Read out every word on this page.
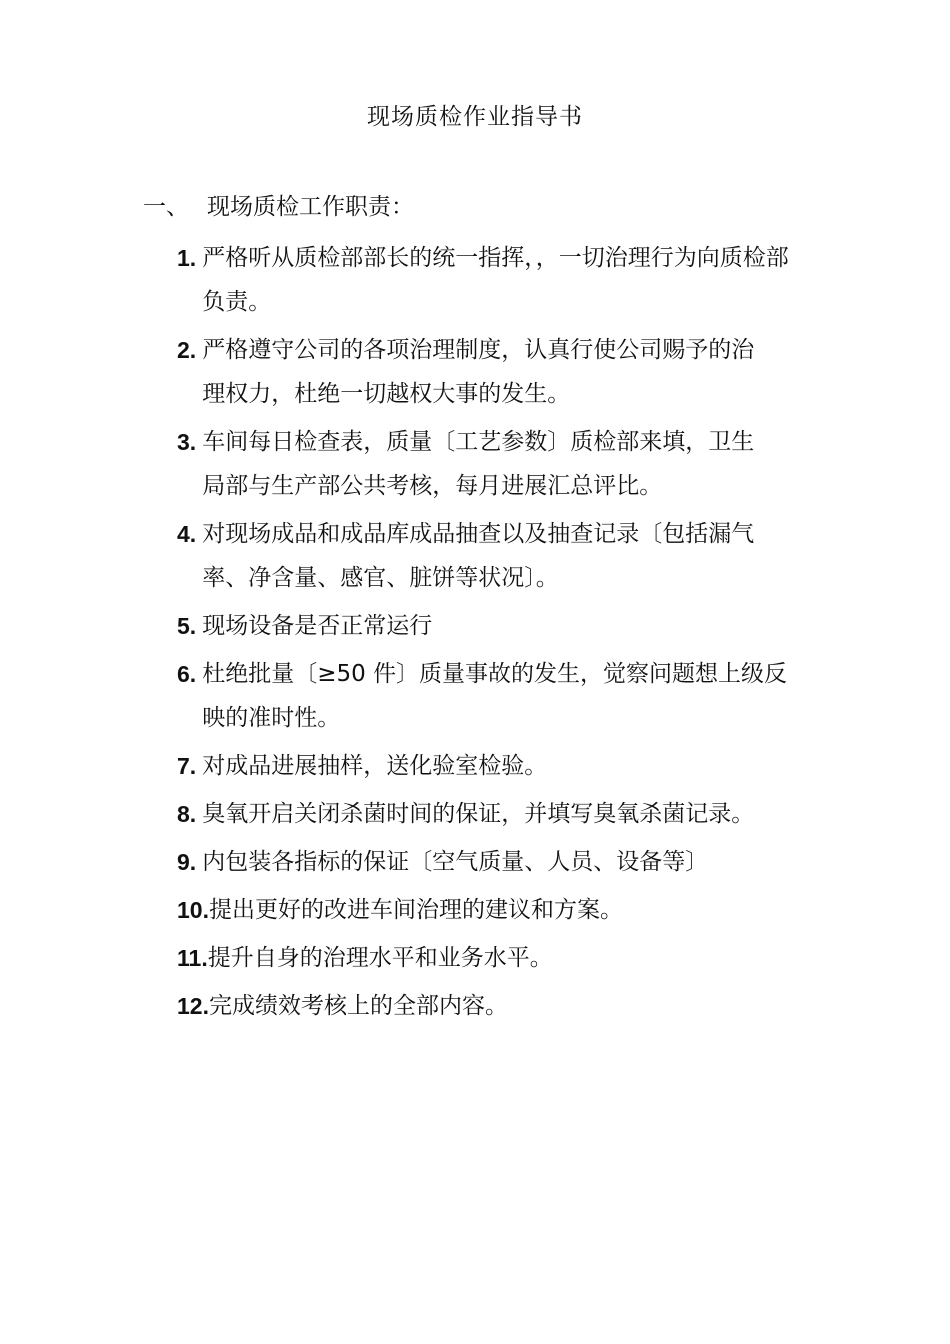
现场质检作业指导书
一、 现场质检工作职责：
1. 严格听从质检部部长的统一指挥，，一切治理行为向质检部负责。
2. 严格遵守公司的各项治理制度，认真行使公司赐予的治理权力，杜绝一切越权大事的发生。
3. 车间每日检查表，质量〔工艺参数〕质检部来填，卫生局部与生产部公共考核，每月进展汇总评比。
4. 对现场成品和成品库成品抽查以及抽查记录〔包括漏气率、净含量、感官、脏饼等状况〕。
5. 现场设备是否正常运行
6. 杜绝批量〔≥50 件〕质量事故的发生，觉察问题想上级反映的准时性。
7. 对成品进展抽样，送化验室检验。
8. 臭氧开启关闭杀菌时间的保证，并填写臭氧杀菌记录。
9. 内包装各指标的保证〔空气质量、人员、设备等〕
10. 提出更好的改进车间治理的建议和方案。
11. 提升自身的治理水平和业务水平。
12. 完成绩效考核上的全部内容。
